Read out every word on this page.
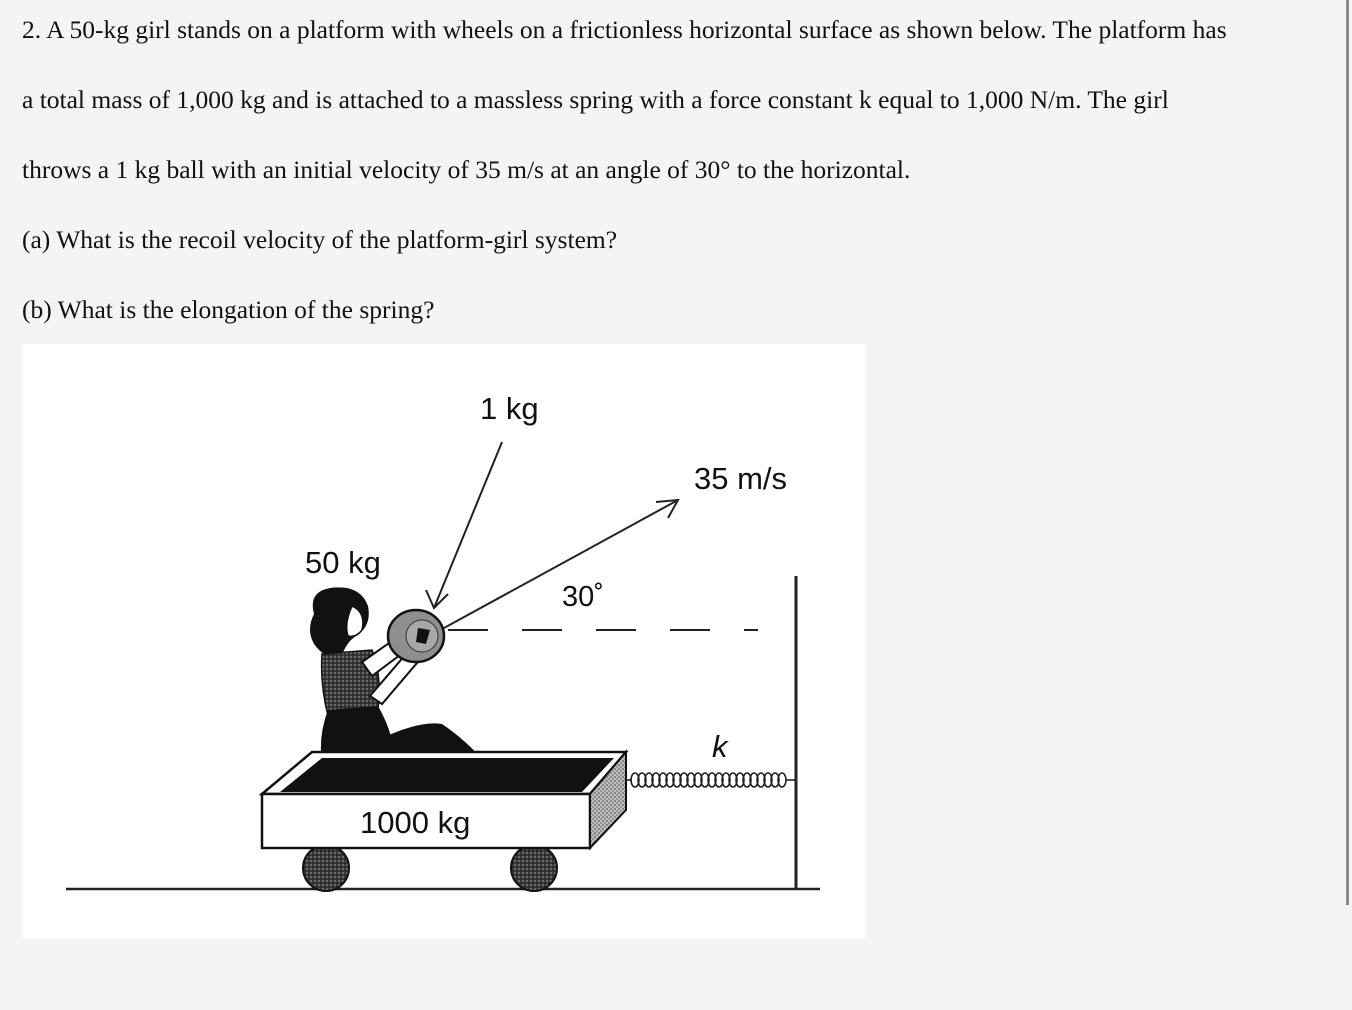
2. A 50-kg girl stands on a platform with wheels on a frictionless horizontal surface as shown below. The platform has
a total mass of 1,000 kg and is attached to a massless spring with a force constant k equal to 1,000 N/m. The girl
throws a 1 kg ball with an initial velocity of 35 m/s at an angle of 30° to the horizontal.
(a) What is the recoil velocity of the platform-girl system?
(b) What is the elongation of the spring?
1 kg
35 m/s
50 kg
30˚
k
1000 kg
